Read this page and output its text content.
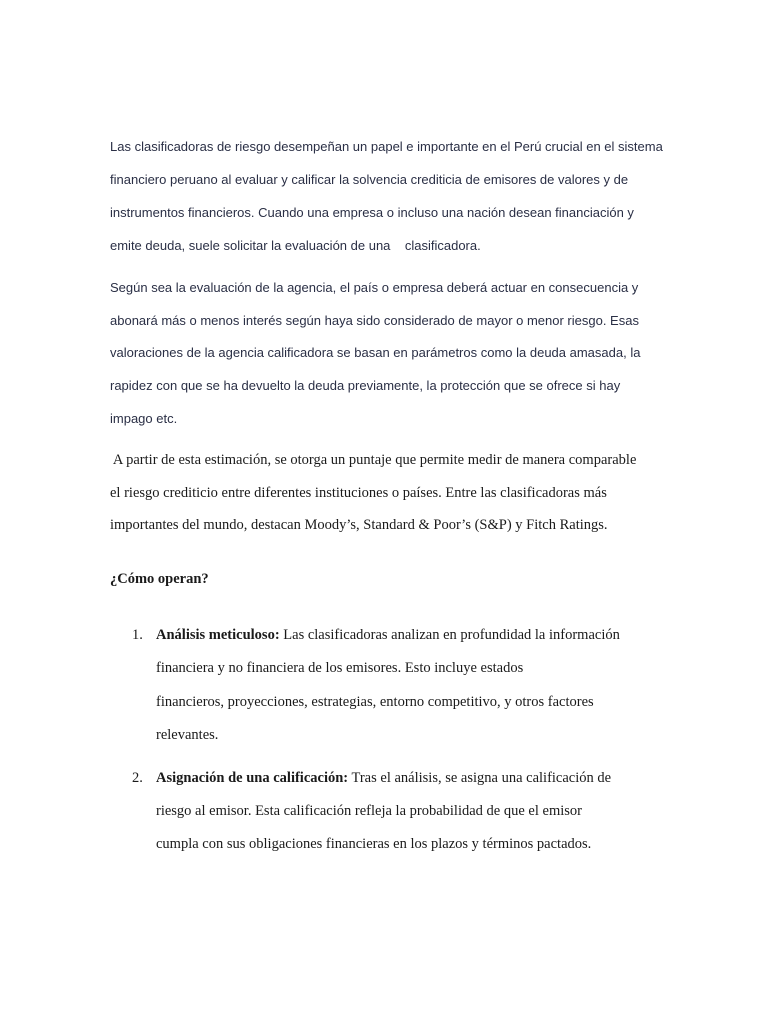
Las clasificadoras de riesgo desempeñan un papel e importante en el Perú crucial en el sistema
financiero peruano al evaluar y calificar la solvencia crediticia de emisores de valores y de
instrumentos financieros. Cuando una empresa o incluso una nación desean financiación y
emite deuda, suele solicitar la evaluación de una    clasificadora.
Según sea la evaluación de la agencia, el país o empresa deberá actuar en consecuencia y
abonará más o menos interés según haya sido considerado de mayor o menor riesgo. Esas
valoraciones de la agencia calificadora se basan en parámetros como la deuda amasada, la
rapidez con que se ha devuelto la deuda previamente, la protección que se ofrece si hay
impago etc.
A partir de esta estimación, se otorga un puntaje que permite medir de manera comparable
el riesgo crediticio entre diferentes instituciones o países. Entre las clasificadoras más
importantes del mundo, destacan Moody’s, Standard & Poor’s (S&P) y Fitch Ratings.
¿Cómo operan?
1. Análisis meticuloso: Las clasificadoras analizan en profundidad la información
financiera y no financiera de los emisores. Esto incluye estados
financieros, proyecciones, estrategias, entorno competitivo, y otros factores
relevantes.
2. Asignación de una calificación: Tras el análisis, se asigna una calificación de
riesgo al emisor. Esta calificación refleja la probabilidad de que el emisor
cumpla con sus obligaciones financieras en los plazos y términos pactados.
